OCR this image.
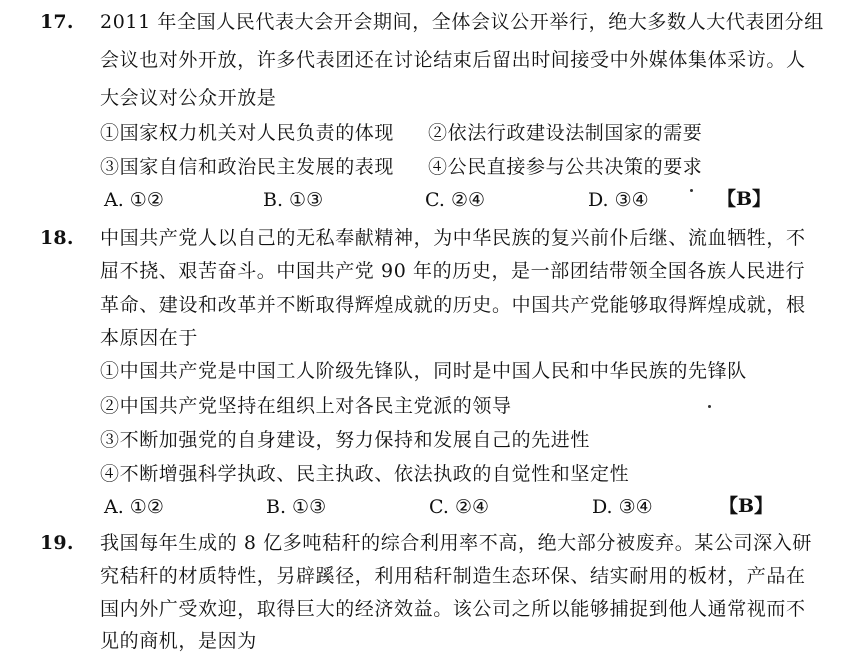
17. 2011 年全国人民代表大会开会期间，全体会议公开举行，绝大多数人大代表团分组
会议也对外开放，许多代表团还在讨论结束后留出时间接受中外媒体集体采访。人
大会议对公众开放是
①国家权力机关对人民负责的体现 ②依法行政建设法制国家的需要
③国家自信和政治民主发展的表现 ④公民直接参与公共决策的要求
A. ①②	B. ①③	C. ②④	D. ③④	【B】
18. 中国共产党人以自己的无私奉献精神，为中华民族的复兴前仆后继、流血牺牲，不
屈不挠、艰苦奋斗。中国共产党 90 年的历史，是一部团结带领全国各族人民进行
革命、建设和改革并不断取得辉煌成就的历史。中国共产党能够取得辉煌成就，根
本原因在于
①中国共产党是中国工人阶级先锋队，同时是中国人民和中华民族的先锋队
②中国共产党坚持在组织上对各民主党派的领导
③不断加强党的自身建设，努力保持和发展自己的先进性
④不断增强科学执政、民主执政、依法执政的自觉性和坚定性
A. ①②	B. ①③	C. ②④	D. ③④	【B】
19. 我国每年生成的 8 亿多吨秸秆的综合利用率不高，绝大部分被废弃。某公司深入研
究秸秆的材质特性，另辟蹊径，利用秸秆制造生态环保、结实耐用的板材，产品在
国内外广受欢迎，取得巨大的经济效益。该公司之所以能够捕捉到他人通常视而不
见的商机，是因为
